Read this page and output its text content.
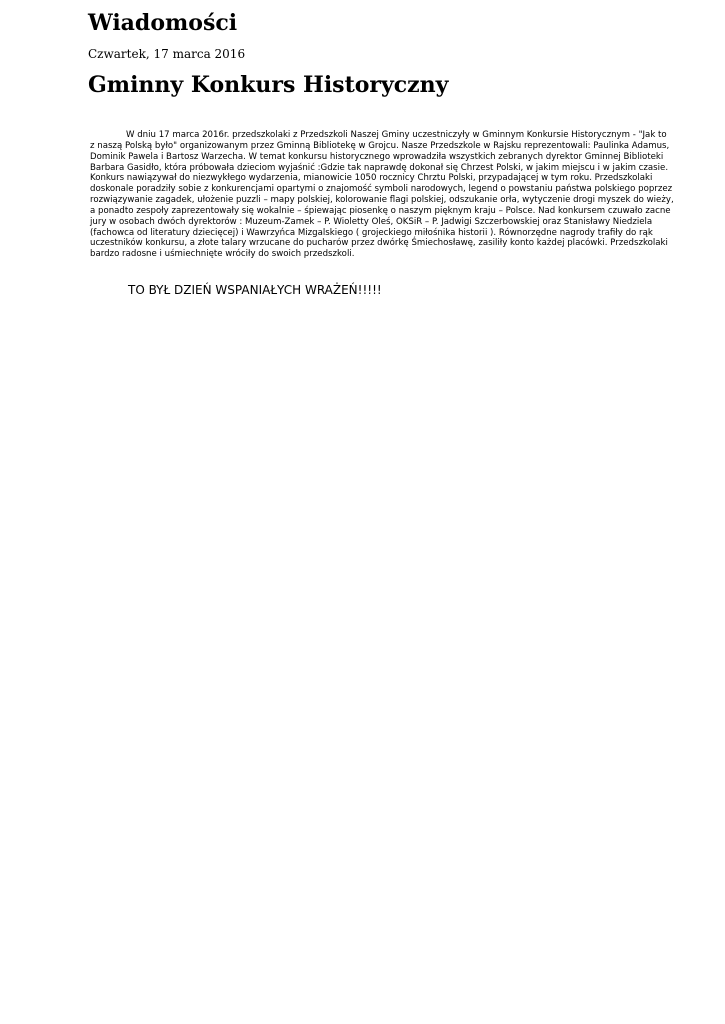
Wiadomości

Czwartek, 17 marca 2016

Gminny Konkurs Historyczny
W dniu 17 marca 2016r. przedszkolaki z Przedszkoli Naszej Gminy uczestniczyły w Gminnym Konkursie Historycznym - "Jak to
z naszą Polską było" organizowanym przez Gminną Bibliotekę w Grojcu. Nasze Przedszkole w Rajsku reprezentowali: Paulinka Adamus,
Dominik Pawela i Bartosz Warzecha. W temat konkursu historycznego wprowadziła wszystkich zebranych dyrektor Gminnej Biblioteki
Barbara Gasidło, która próbowała dzieciom wyjaśnić :Gdzie tak naprawdę dokonał się Chrzest Polski, w jakim miejscu i w jakim czasie.
Konkurs nawiązywał do niezwykłego wydarzenia, mianowicie 1050 rocznicy Chrztu Polski, przypadającej w tym roku. Przedszkolaki
doskonale poradziły sobie z konkurencjami opartymi o znajomość symboli narodowych, legend o powstaniu państwa polskiego poprzez
rozwiązywanie zagadek, ułożenie puzzli – mapy polskiej, kolorowanie flagi polskiej, odszukanie orła, wytyczenie drogi myszek do wieży,
a ponadto zespoły zaprezentowały się wokalnie – śpiewając piosenkę o naszym pięknym kraju – Polsce. Nad konkursem czuwało zacne
jury w osobach dwóch dyrektorów : Muzeum-Zamek – P. Wioletty Oleś, OKSiR – P. Jadwigi Szczerbowskiej oraz Stanisławy Niedziela
(fachowca od literatury dziecięcej) i Wawrzyńca Mizgalskiego ( grojeckiego miłośnika historii ). Równorzędne nagrody trafiły do rąk
uczestników konkursu, a złote talary wrzucane do pucharów przez dwórkę Śmiechosławę, zasiliły konto każdej placówki. Przedszkolaki
bardzo radosne i uśmiechnięte wróciły do swoich przedszkoli.

TO BYŁ DZIEŃ WSPANIAŁYCH WRAŻEŃ!!!!!
